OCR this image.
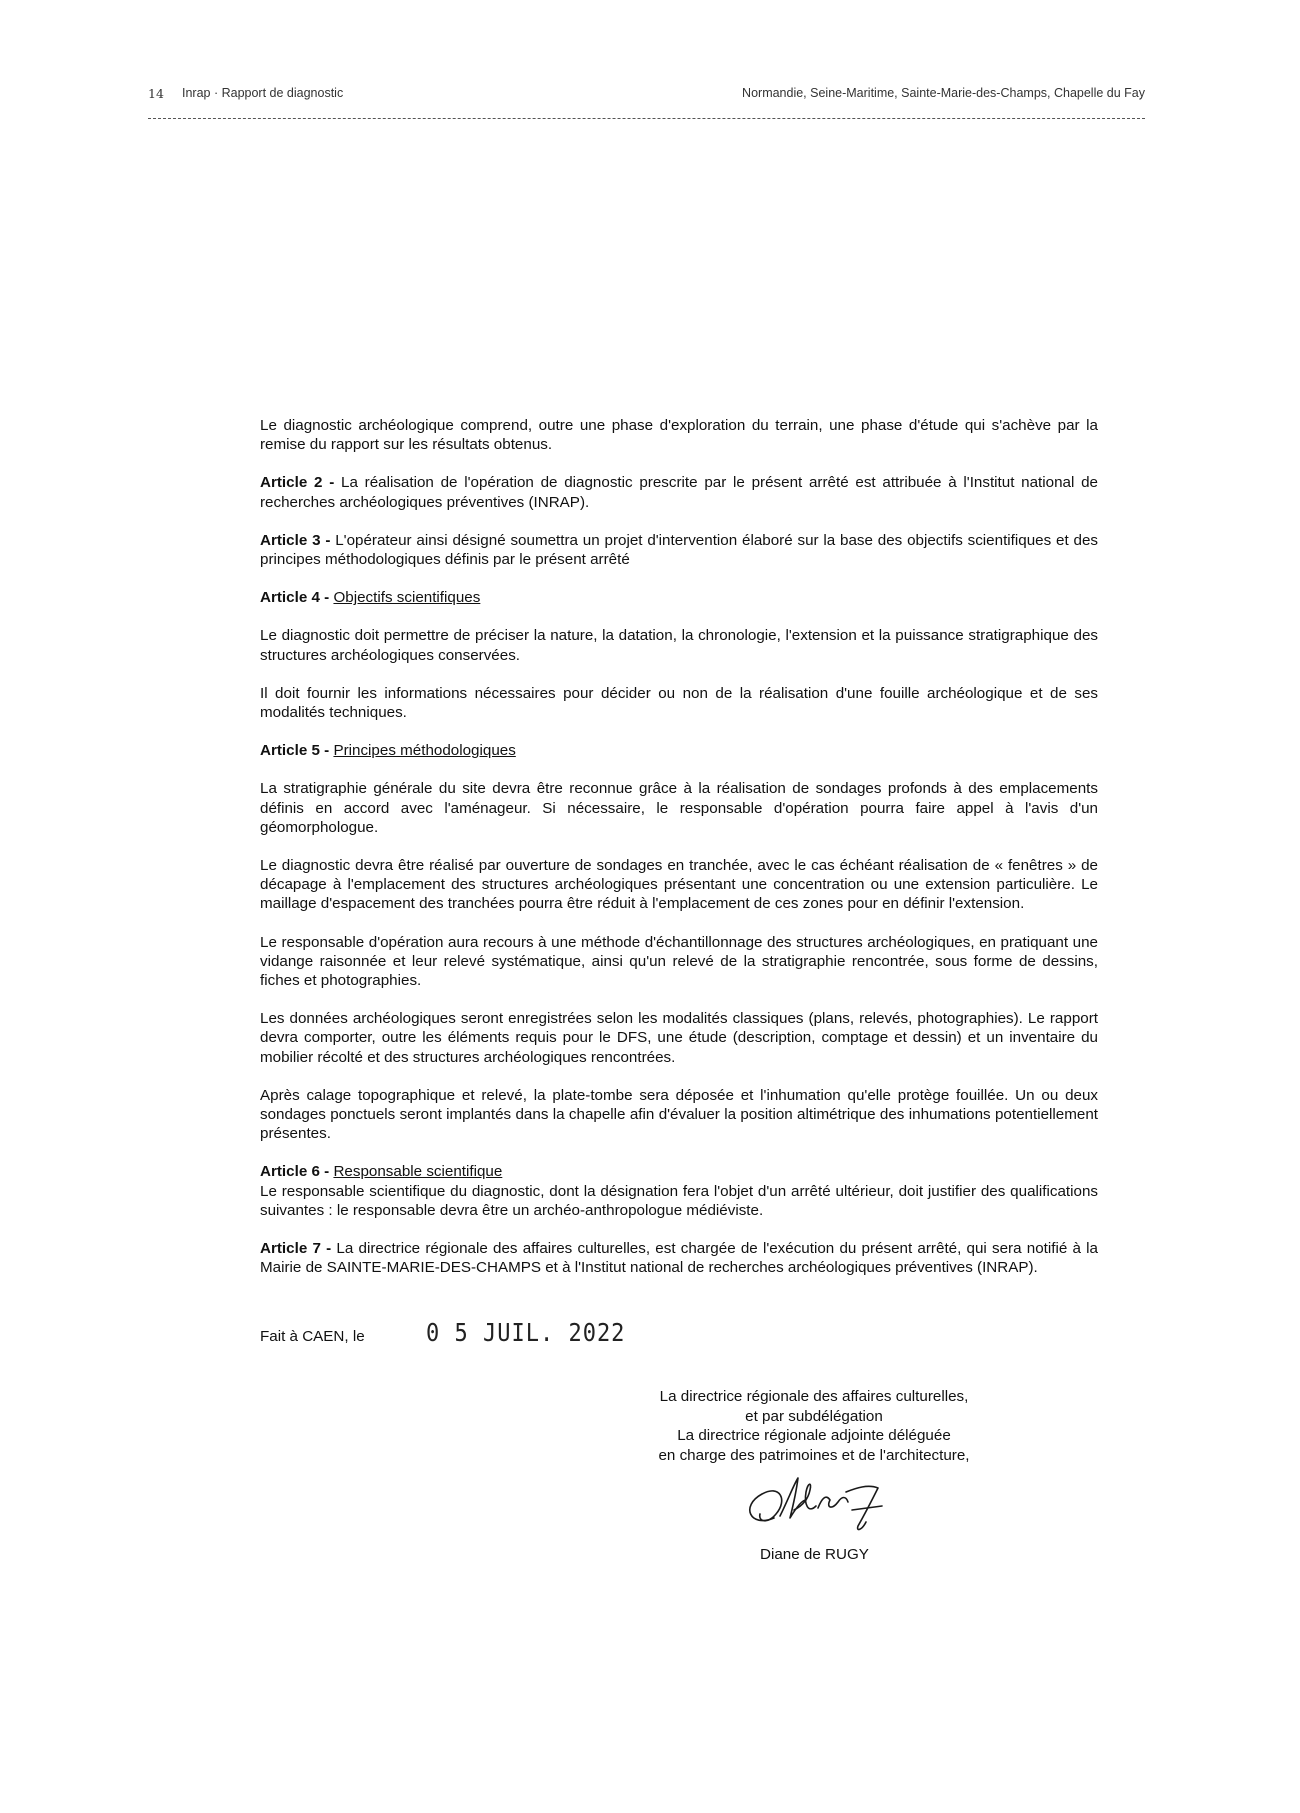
14 Inrap · Rapport de diagnostic	Normandie, Seine-Maritime, Sainte-Marie-des-Champs, Chapelle du Fay

Le diagnostic archéologique comprend, outre une phase d'exploration du terrain, une phase d'étude qui s'achève par la remise du rapport sur les résultats obtenus.

Article 2 - La réalisation de l'opération de diagnostic prescrite par le présent arrêté est attribuée à l'Institut national de recherches archéologiques préventives (INRAP).

Article 3 - L'opérateur ainsi désigné soumettra un projet d'intervention élaboré sur la base des objectifs scientifiques et des principes méthodologiques définis par le présent arrêté

Article 4 - Objectifs scientifiques

Le diagnostic doit permettre de préciser la nature, la datation, la chronologie, l'extension et la puissance stratigraphique des structures archéologiques conservées.

Il doit fournir les informations nécessaires pour décider ou non de la réalisation d'une fouille archéologique et de ses modalités techniques.

Article 5 - Principes méthodologiques

La stratigraphie générale du site devra être reconnue grâce à la réalisation de sondages profonds à des emplacements définis en accord avec l'aménageur. Si nécessaire, le responsable d'opération pourra faire appel à l'avis d'un géomorphologue.

Le diagnostic devra être réalisé par ouverture de sondages en tranchée, avec le cas échéant réalisation de « fenêtres » de décapage à l'emplacement des structures archéologiques présentant une concentration ou une extension particulière. Le maillage d'espacement des tranchées pourra être réduit à l'emplacement de ces zones pour en définir l'extension.

Le responsable d'opération aura recours à une méthode d'échantillonnage des structures archéologiques, en pratiquant une vidange raisonnée et leur relevé systématique, ainsi qu'un relevé de la stratigraphie rencontrée, sous forme de dessins, fiches et photographies.

Les données archéologiques seront enregistrées selon les modalités classiques (plans, relevés, photographies). Le rapport devra comporter, outre les éléments requis pour le DFS, une étude (description, comptage et dessin) et un inventaire du mobilier récolté et des structures archéologiques rencontrées.

Après calage topographique et relevé, la plate-tombe sera déposée et l'inhumation qu'elle protège fouillée. Un ou deux sondages ponctuels seront implantés dans la chapelle afin d'évaluer la position altimétrique des inhumations potentiellement présentes.

Article 6 - Responsable scientifique

Le responsable scientifique du diagnostic, dont la désignation fera l'objet d'un arrêté ultérieur, doit justifier des qualifications suivantes : le responsable devra être un archéo-anthropologue médiéviste.

Article 7 - La directrice régionale des affaires culturelles, est chargée de l'exécution du présent arrêté, qui sera notifié à la Mairie de SAINTE-MARIE-DES-CHAMPS et à l'Institut national de recherches archéologiques préventives (INRAP).

Fait à CAEN, le	0 5 JUIL. 2022
La directrice régionale des affaires culturelles,
et par subdélégation
La directrice régionale adjointe déléguée
en charge des patrimoines et de l'architecture,
Diane de RUGY
